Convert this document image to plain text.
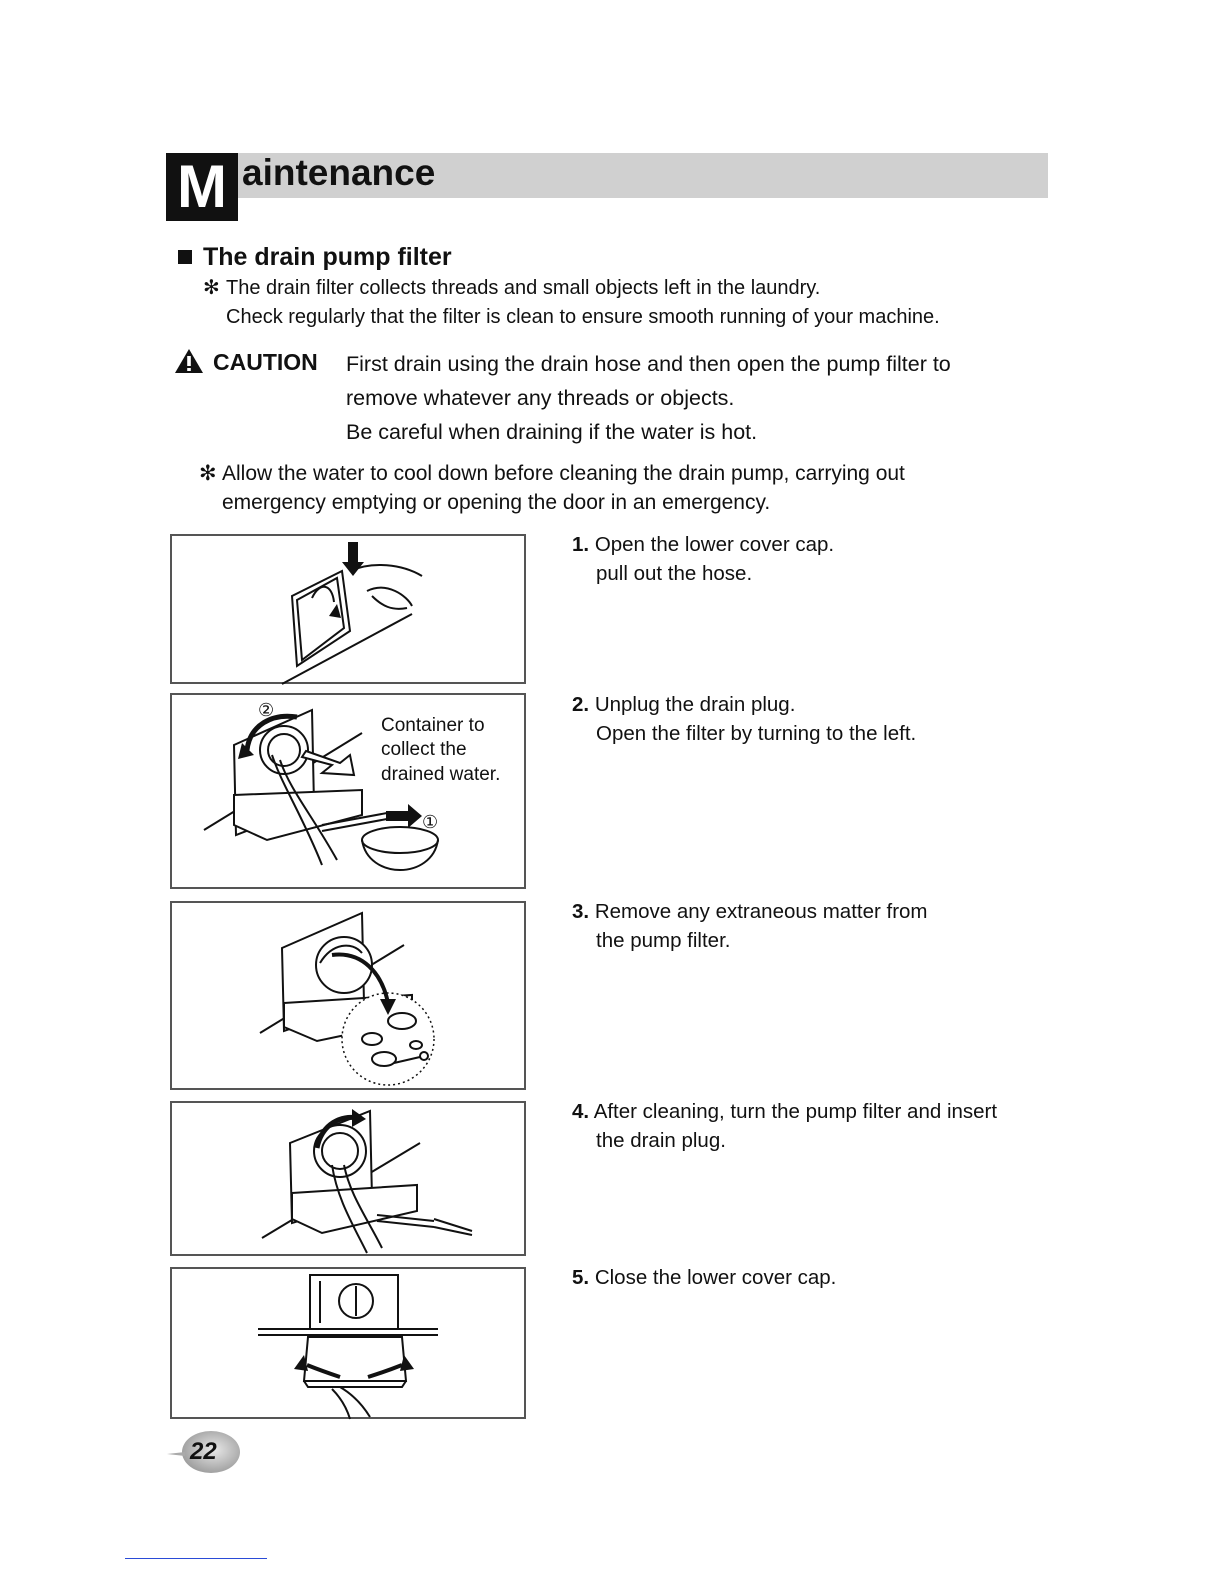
M aintenance
The drain pump filter
✻ The drain filter collects threads and small objects left in the laundry.
Check regularly that the filter is clean to ensure smooth running of your machine.
CAUTION First drain using the drain hose and then open the pump filter to
remove whatever any threads or objects.
Be careful when draining if the water is hot.
✻ Allow the water to cool down before cleaning the drain pump, carrying out
emergency emptying or opening the door in an emergency.
②
①
Container to
collect the
drained water.
1. Open the lower cover cap.
pull out the hose.
2. Unplug the drain plug.
Open the filter by turning to the left.
3. Remove any extraneous matter from
the pump filter.
4. After cleaning, turn the pump filter and insert
the drain plug.
5. Close the lower cover cap.
22
